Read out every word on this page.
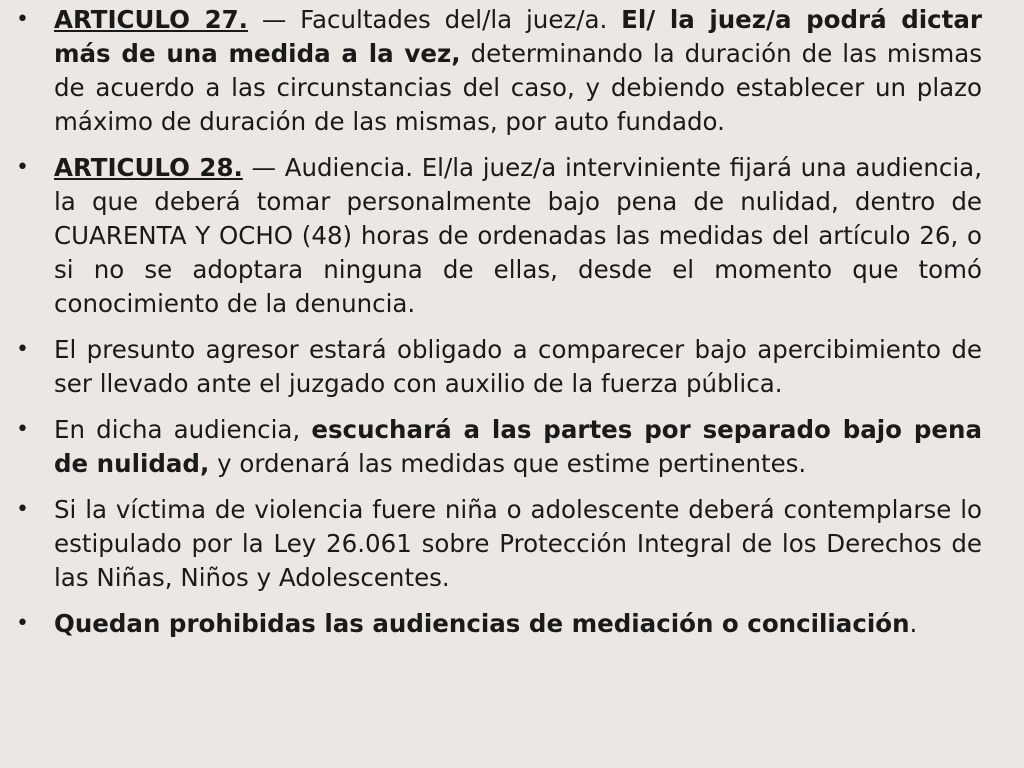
•	ARTICULO 27. — Facultades del/la juez/a. El/ la juez/a podrá dictar más de una medida a la vez, determinando la duración de las mismas de acuerdo a las circunstancias del caso, y debiendo establecer un plazo máximo de duración de las mismas, por auto fundado.
•	ARTICULO 28. — Audiencia. El/la juez/a interviniente fijará una audiencia, la que deberá tomar personalmente bajo pena de nulidad, dentro de CUARENTA Y OCHO (48) horas de ordenadas las medidas del artículo 26, o si no se adoptara ninguna de ellas, desde el momento que tomó conocimiento de la denuncia.
•	El presunto agresor estará obligado a comparecer bajo apercibimiento de ser llevado ante el juzgado con auxilio de la fuerza pública.
•	En dicha audiencia, escuchará a las partes por separado bajo pena de nulidad, y ordenará las medidas que estime pertinentes.
•	Si la víctima de violencia fuere niña o adolescente deberá contemplarse lo estipulado por la Ley 26.061 sobre Protección Integral de los Derechos de las Niñas, Niños y Adolescentes.
•	Quedan prohibidas las audiencias de mediación o conciliación.
